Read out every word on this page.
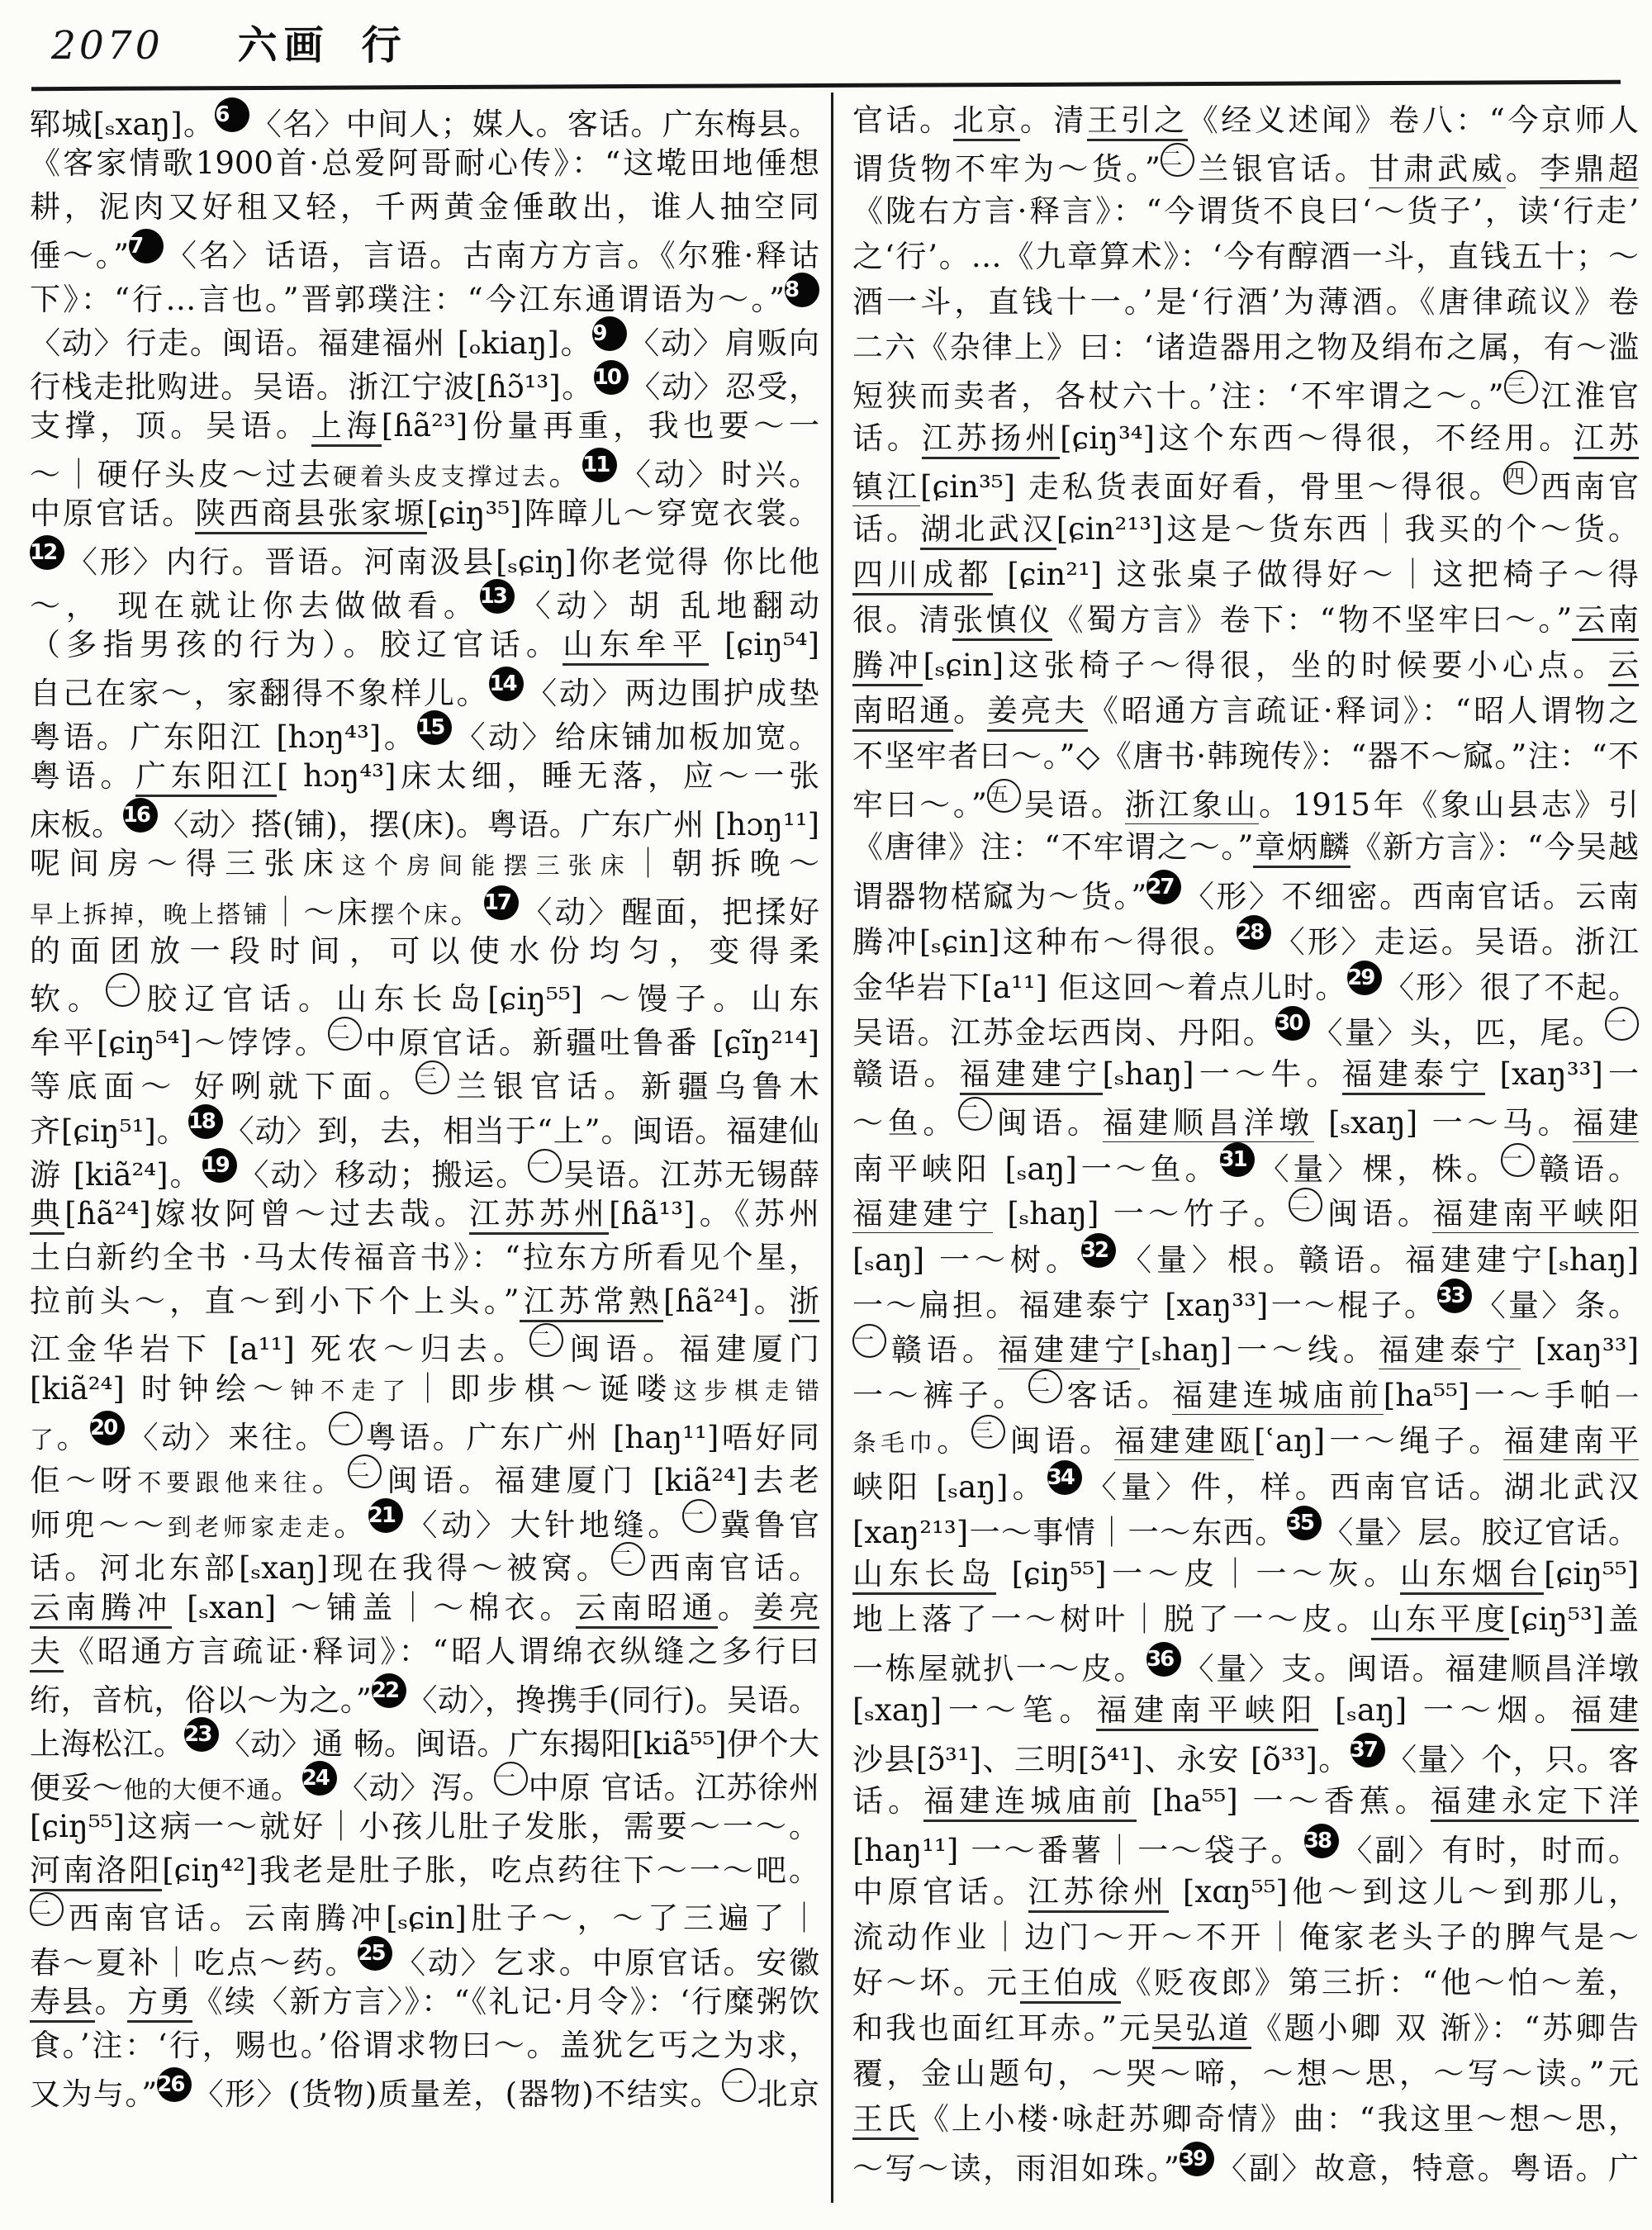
2070 六画 行
郓城[ₛxaŋ]。6 〈名〉中间人；媒人。客话。广东梅县。
《客家情歌1900首·总爱阿哥耐心传》：“这墘田地倕想
耕，泥肉又好租又轻，千两黄金倕敢出，谁人抽空同
倕～。”7 〈名〉话语，言语。古南方方言。《尔雅·释诂
下》：“行…言也。”晋郭璞注：“今江东通谓语为～。”8
〈动〉行走。闽语。福建福州 [ₒkiaŋ]。9 〈动〉肩贩向
行栈走批购进。吴语。浙江宁波[ɦɔ̃¹³]。10 〈动〉忍受，
支撑，顶。吴语。上海[ɦã²³]份量再重，我也要～一
～｜硬仔头皮～过去硬着头皮支撑过去。11 〈动〉时兴。
中原官话。陕西商县张家塬[ɕiŋ³⁵]阵暲儿～穿宽衣裳。
12 〈形〉内行。晋语。河南汲县[ₛɕiŋ]你老觉得 你比他
～， 现在就让你去做做看。13 〈动〉胡 乱地翻动
（多指男孩的行为）。胶辽官话。山东牟平 [ɕiŋ⁵⁴]
自己在家～，家翻得不象样儿。14 〈动〉两边围护成垫
粤语。广东阳江 [hɔŋ⁴³]。15 〈动〉给床铺加板加宽。
粤语。广东阳江[ hɔŋ⁴³]床太细，睡无落，应～一张
床板。16 〈动〉搭(铺)，摆(床)。粤语。广东广州 [hɔŋ¹¹]
呢间房～得三张床这个房间能摆三张床｜朝拆晚～
早上拆掉，晚上搭铺｜～床摆个床。17 〈动〉醒面，把揉好
的面团放一段时间，可以使水份均匀，变得柔
软。一 胶辽官话。山东长岛[ɕiŋ⁵⁵] ～馒子。山东
牟平[ɕiŋ⁵⁴]～饽饽。二 中原官话。新疆吐鲁番 [ɕĩŋ²¹⁴]
等底面～ 好咧就下面。三 兰银官话。新疆乌鲁木
齐[ɕiŋ⁵¹]。18 〈动〉到，去，相当于“上”。闽语。福建仙
游 [kiã²⁴]。19 〈动〉移动；搬运。一 吴语。江苏无锡薛
典[ɦã²⁴]嫁妆阿曾～过去哉。江苏苏州[ɦã¹³]。《苏州
土白新约全书 ·马太传福音书》：“拉东方所看见个星，
拉前头～，直～到小下个上头。”江苏常熟[ɦã²⁴]。浙
江金华岩下 [a¹¹] 死农～归去。二 闽语。福建厦门
[kiã²⁴] 时钟绘～钟不走了｜即步棋～诞喽这步棋走错
了。20 〈动〉来往。一 粤语。广东广州 [haŋ¹¹]唔好同
佢～呀不要跟他来往。二 闽语。福建厦门 [kiã²⁴]去老
师兜～～到老师家走走。21 〈动〉大针地缝。一 冀鲁官
话。河北东部[ₛxaŋ]现在我得～被窝。二 西南官话。
云南腾冲 [ₛxan] ～铺盖｜～棉衣。云南昭通。姜亮
夫《昭通方言疏证·释词》：“昭人谓绵衣纵缝之多行曰
绗，音杭，俗以～为之。”22 〈动〉，搀携手(同行)。吴语。
上海松江。23 〈动〉通 畅。闽语。广东揭阳[kiã⁵⁵]伊个大
便妥～他的大便不通。24 〈动〉泻。一 中原 官话。江苏徐州
[ɕiŋ⁵⁵]这病一～就好｜小孩儿肚子发胀，需要～一～。
河南洛阳[ɕiŋ⁴²]我老是肚子胀，吃点药往下～一～吧。
二 西南官话。云南腾冲[ₛɕin]肚子～，～了三遍了｜
春～夏补｜吃点～药。25 〈动〉乞求。中原官话。安徽
寿县。方勇《续〈新方言〉》：“《礼记·月令》：‘行糜粥饮
食。’注：‘行，赐也。’俗谓求物曰～。盖犹乞丐之为求，
又为与。”26 〈形〉(货物)质量差，(器物)不结实。一 北京
官话。北京。清王引之《经义述闻》卷八：“今京师人
谓货物不牢为～货。”二 兰银官话。甘肃武威。李鼎超
《陇右方言·释言》：“今谓货不良曰‘～货子’，读‘行走’
之‘行’。…《九章算术》：‘今有醇酒一斗，直钱五十；～
酒一斗，直钱十一。’是‘行酒’为薄酒。《唐律疏议》卷
二六《杂律上》曰：‘诸造器用之物及绢布之属，有～滥
短狭而卖者，各杖六十。’注：‘不牢谓之～。”三 江淮官
话。江苏扬州[ɕiŋ³⁴]这个东西～得很，不经用。江苏
镇江[ɕin³⁵] 走私货表面好看，骨里～得很。四 西南官
话。湖北武汉[ɕin²¹³]这是～货东西｜我买的个～货。
四川成都 [ɕin²¹] 这张桌子做得好～｜这把椅子～得
很。清张慎仪《蜀方言》卷下：“物不坚牢曰～。”云南
腾冲[ₛɕin]这张椅子～得很，坐的时候要小心点。云
南昭通。姜亮夫《昭通方言疏证·释词》：“昭人谓物之
不坚牢者曰～。”◇《唐书·韩琬传》：“器不～窳。”注：“不
牢曰～。”五 吴语。浙江象山。1915年《象山县志》引
《唐律》注：“不牢谓之～。”章炳麟《新方言》：“今吴越
谓器物楛窳为～货。”27 〈形〉不细密。西南官话。云南
腾冲[ₛɕin]这种布～得很。28 〈形〉走运。吴语。浙江
金华岩下[a¹¹] 佢这回～着点儿时。29 〈形〉很了不起。
吴语。江苏金坛西岗、丹阳。30 〈量〉头，匹，尾。一
赣语。福建建宁[ₛhaŋ]一～牛。福建泰宁 [xaŋ³³]一
～鱼。二 闽语。福建顺昌洋墩 [ₛxaŋ] 一～马。福建
南平峡阳 [ₛaŋ]一～鱼。31 〈量〉棵，株。一 赣语。
福建建宁 [ₛhaŋ] 一～竹子。二 闽语。福建南平峡阳
[ₛaŋ] 一～树。32 〈量〉根。赣语。福建建宁[ₛhaŋ]
一～扁担。福建泰宁 [xaŋ³³]一～棍子。33 〈量〉条。
一 赣语。福建建宁[ₛhaŋ]一～线。福建泰宁 [xaŋ³³]
一～裤子。二 客话。福建连城庙前[ha⁵⁵]一～手帕一
条毛巾。三 闽语。福建建瓯[ʿaŋ]一～绳子。福建南平
峡阳 [ₛaŋ]。34 〈量〉件，样。西南官话。湖北武汉
[xaŋ²¹³]一～事情｜一～东西。35 〈量〉层。胶辽官话。
山东长岛 [ɕiŋ⁵⁵]一～皮｜一～灰。山东烟台[ɕiŋ⁵⁵]
地上落了一～树叶｜脱了一～皮。山东平度[ɕiŋ⁵³]盖
一栋屋就扒一～皮。36 〈量〉支。闽语。福建顺昌洋墩
[ₛxaŋ]一～笔。福建南平峡阳 [ₛaŋ] 一～烟。福建
沙县[ɔ̃³¹]、三明[ɔ̃⁴¹]、永安 [õ³³]。37 〈量〉个，只。客
话。福建连城庙前 [ha⁵⁵] 一～香蕉。福建永定下洋
[haŋ¹¹] 一～番薯｜一～袋子。38 〈副〉有时，时而。
中原官话。江苏徐州 [xɑŋ⁵⁵]他～到这儿～到那儿，
流动作业｜边门～开～不开｜俺家老头子的脾气是～
好～坏。元王伯成《贬夜郎》第三折：“他～怕～羞，
和我也面红耳赤。”元吴弘道《题小卿 双 渐》：“苏卿告
覆，金山题句，～哭～啼，～想～思，～写～读。”元
王氏《上小楼·咏赶苏卿奇情》曲：“我这里～想～思，
～写～读，雨泪如珠。”39 〈副〉故意，特意。粤语。广
